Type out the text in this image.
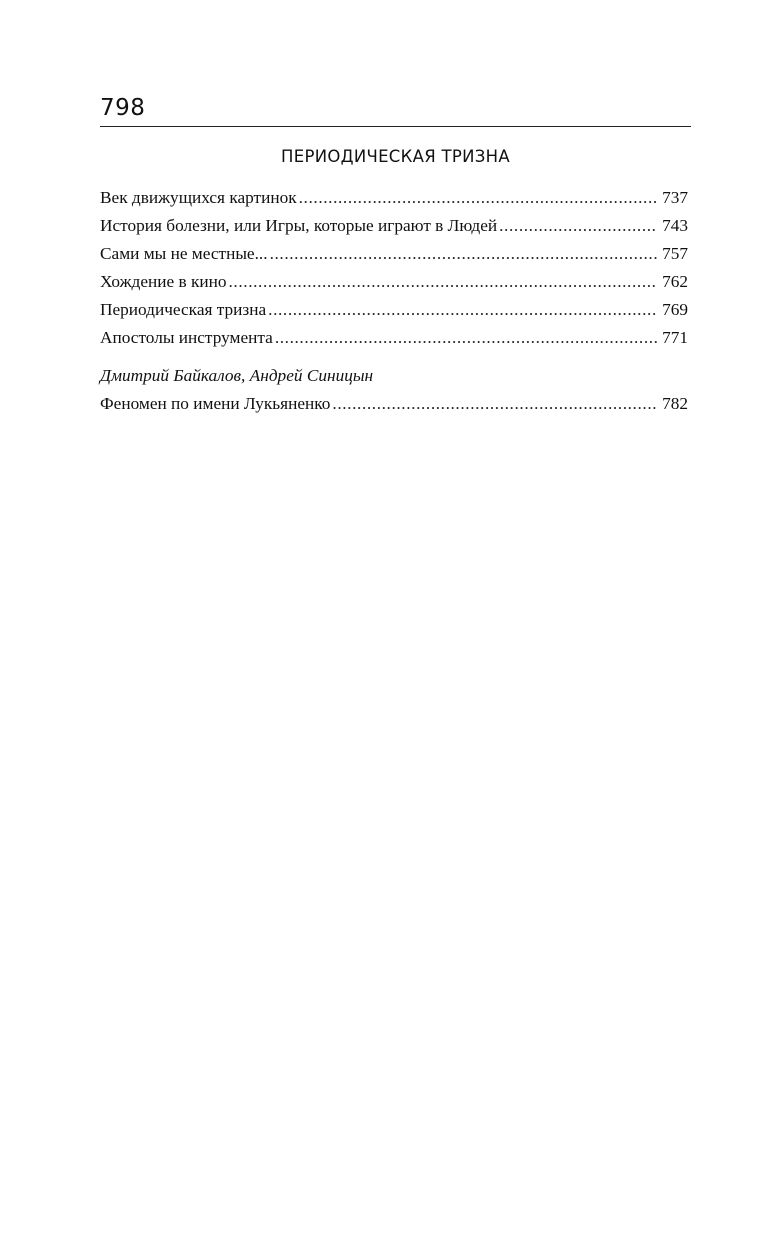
798
ПЕРИОДИЧЕСКАЯ ТРИЗНА
Век движущихся картинок .....	737
История болезни, или Игры, которые играют в Людей .....	743
Сами мы не местные... .....	757
Хождение в кино .....	762
Периодическая тризна .....	769
Апостолы инструмента .....	771
Дмитрий Байкалов, Андрей Синицын
Феномен по имени Лукьяненко .....	782
